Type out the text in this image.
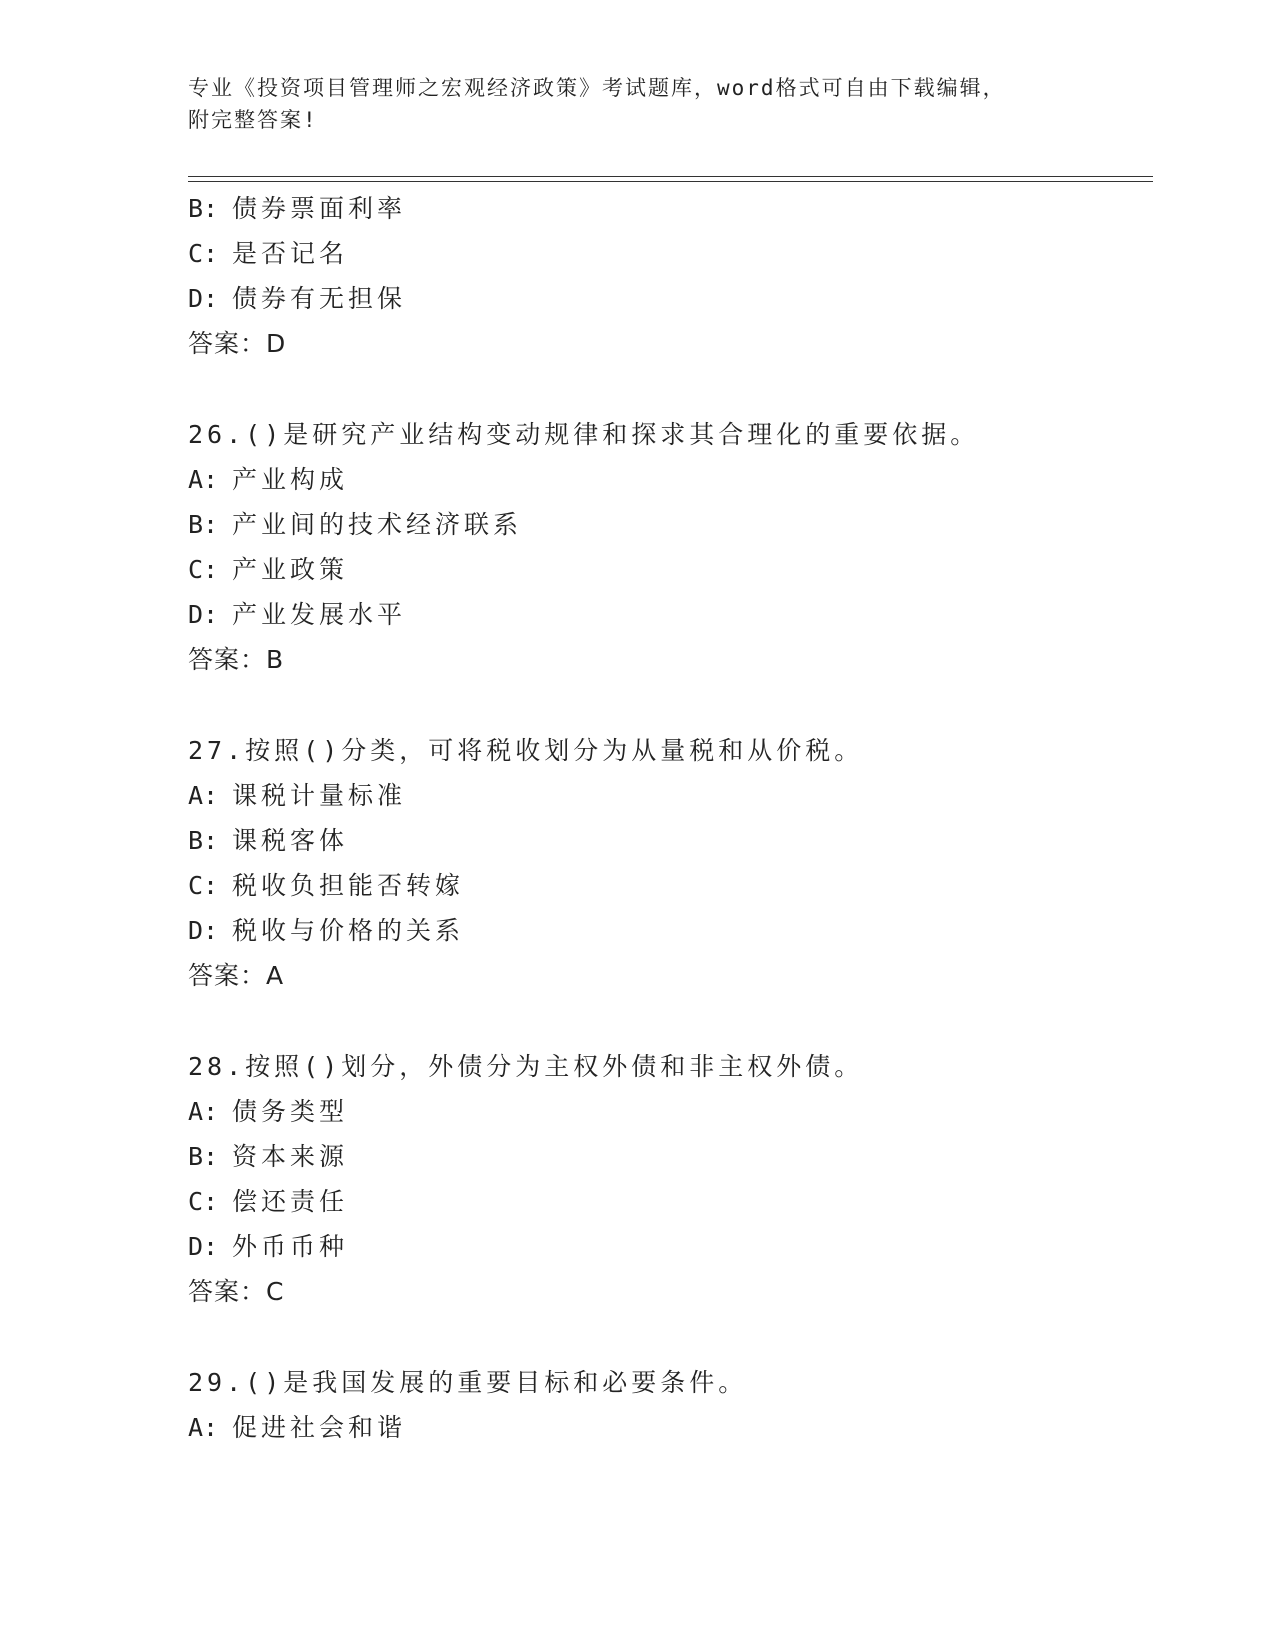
专业《投资项目管理师之宏观经济政策》考试题库，word格式可自由下载编辑，
附完整答案!
B: 债券票面利率
C: 是否记名
D: 债券有无担保
答案：D
26.()是研究产业结构变动规律和探求其合理化的重要依据。
A: 产业构成
B: 产业间的技术经济联系
C: 产业政策
D: 产业发展水平
答案：B
27.按照()分类，可将税收划分为从量税和从价税。
A: 课税计量标准
B: 课税客体
C: 税收负担能否转嫁
D: 税收与价格的关系
答案：A
28.按照()划分，外债分为主权外债和非主权外债。
A: 债务类型
B: 资本来源
C: 偿还责任
D: 外币币种
答案：C
29.()是我国发展的重要目标和必要条件。
A: 促进社会和谐
